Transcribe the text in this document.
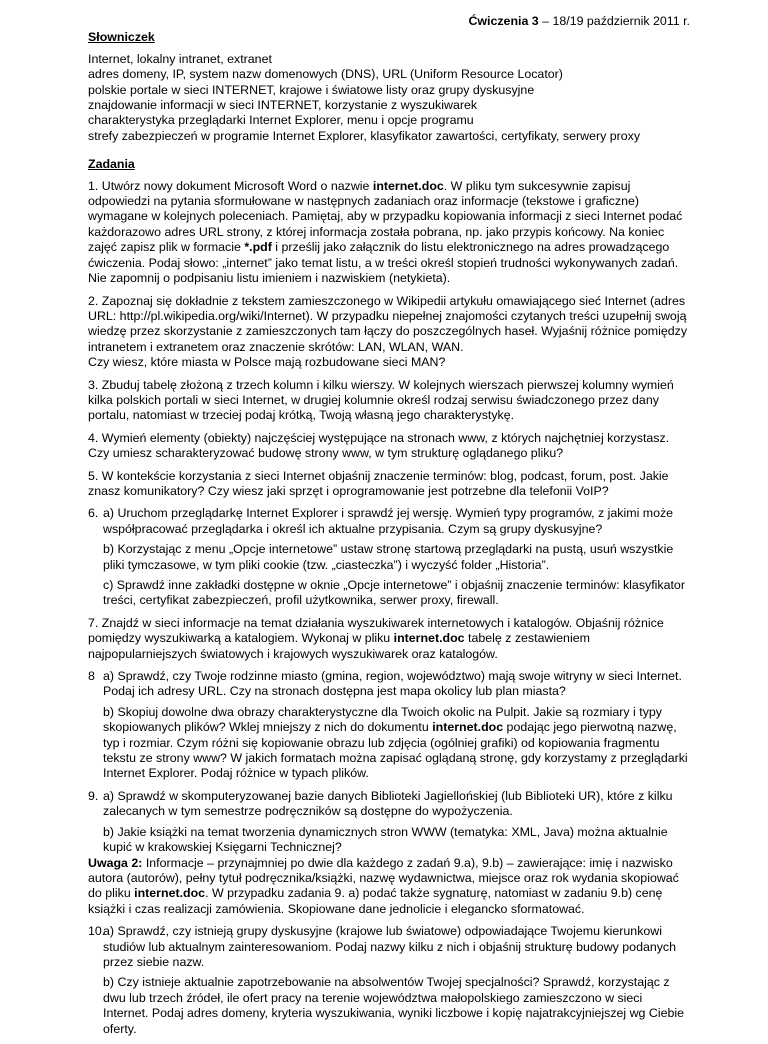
Ćwiczenia 3 – 18/19 październik 2011 r.
Słowniczek

Internet, lokalny intranet, extranet

adres domeny, IP, system nazw domenowych (DNS), URL (Uniform Resource Locator)

polskie portale w sieci INTERNET, krajowe i światowe listy oraz grupy dyskusyjne

znajdowanie informacji w sieci INTERNET, korzystanie z wyszukiwarek

charakterystyka przeglądarki Internet Explorer, menu i opcje programu

strefy zabezpieczeń w programie Internet Explorer, klasyfikator zawartości, certyfikaty, serwery proxy

Zadania

1. Utwórz nowy dokument Microsoft Word o nazwie internet.doc. W pliku tym sukcesywnie zapisuj odpowiedzi na pytania sformułowane w następnych zadaniach oraz informacje (tekstowe i graficzne) wymagane w kolejnych poleceniach. Pamiętaj, aby w przypadku kopiowania informacji z sieci Internet podać każdorazowo adres URL strony, z której informacja została pobrana, np. jako przypis końcowy. Na koniec zajęć zapisz plik w formacie *.pdf i prześlij jako załącznik do listu elektronicznego na adres prowadzącego ćwiczenia. Podaj słowo: „internet” jako temat listu, a w treści określ stopień trudności wykonywanych zadań. Nie zapomnij o podpisaniu listu imieniem i nazwiskiem (netykieta).

2. Zapoznaj się dokładnie z tekstem zamieszczonego w Wikipedii artykułu omawiającego sieć Internet (adres URL: http://pl.wikipedia.org/wiki/Internet). W przypadku niepełnej znajomości czytanych treści uzupełnij swoją wiedzę przez skorzystanie z zamieszczonych tam łączy do poszczególnych haseł. Wyjaśnij różnice pomiędzy intranetem i extranetem oraz znaczenie skrótów: LAN, WLAN, WAN.

Czy wiesz, które miasta w Polsce mają rozbudowane sieci MAN?

3. Zbuduj tabelę złożoną z trzech kolumn i kilku wierszy. W kolejnych wierszach pierwszej kolumny wymień kilka polskich portali w sieci Internet, w drugiej kolumnie określ rodzaj serwisu świadczonego przez dany portalu, natomiast w trzeciej podaj krótką, Twoją własną jego charakterystykę.

4. Wymień elementy (obiekty) najczęściej występujące na stronach www, z których najchętniej korzystasz. Czy umiesz scharakteryzować budowę strony www, w tym strukturę oglądanego pliku?

5. W kontekście korzystania z sieci Internet objaśnij znaczenie terminów: blog, podcast, forum, post. Jakie znasz komunikatory? Czy wiesz jaki sprzęt i oprogramowanie jest potrzebne dla telefonii VoIP?

6. a) Uruchom przeglądarkę Internet Explorer i sprawdź jej wersję. Wymień typy programów, z jakimi może współpracować przeglądarka i określ ich aktualne przypisania. Czym są grupy dyskusyjne?

b) Korzystając z menu „Opcje internetowe” ustaw stronę startową przeglądarki na pustą, usuń wszystkie pliki tymczasowe, w tym pliki cookie (tzw. „ciasteczka”) i wyczyść folder „Historia”.

c) Sprawdź inne zakładki dostępne w oknie „Opcje internetowe” i objaśnij znaczenie terminów: klasyfikator treści, certyfikat zabezpieczeń, profil użytkownika, serwer proxy, firewall.

7. Znajdź w sieci informacje na temat działania wyszukiwarek internetowych i katalogów. Objaśnij różnice pomiędzy wyszukiwarką a katalogiem. Wykonaj w pliku internet.doc tabelę z zestawieniem najpopularniejszych światowych i krajowych wyszukiwarek oraz katalogów.

8 a) Sprawdź, czy Twoje rodzinne miasto (gmina, region, województwo) mają swoje witryny w sieci Internet. Podaj ich adresy URL. Czy na stronach dostępna jest mapa okolicy lub plan miasta?

b) Skopiuj dowolne dwa obrazy charakterystyczne dla Twoich okolic na Pulpit. Jakie są rozmiary i typy skopiowanych plików? Wklej mniejszy z nich do dokumentu internet.doc podając jego pierwotną nazwę, typ i rozmiar. Czym różni się kopiowanie obrazu lub zdjęcia (ogólniej grafiki) od kopiowania fragmentu tekstu ze strony www? W jakich formatach można zapisać oglądaną stronę, gdy korzystamy z przeglądarki Internet Explorer. Podaj różnice w typach plików.

9. a) Sprawdź w skomputeryzowanej bazie danych Biblioteki Jagiellońskiej (lub Biblioteki UR), które z kilku zalecanych w tym semestrze podręczników są dostępne do wypożyczenia.

b) Jakie książki na temat tworzenia dynamicznych stron WWW (tematyka: XML, Java) można aktualnie kupić w krakowskiej Księgarni Technicznej?

Uwaga 2: Informacje – przynajmniej po dwie dla każdego z zadań 9.a), 9.b) – zawierające: imię i nazwisko autora (autorów), pełny tytuł podręcznika/książki, nazwę wydawnictwa, miejsce oraz rok wydania skopiować do pliku internet.doc. W przypadku zadania 9. a) podać także sygnaturę, natomiast w zadaniu 9.b) cenę książki i czas realizacji zamówienia. Skopiowane dane jednolicie i elegancko sformatować.

10.

a) Sprawdź, czy istnieją grupy dyskusyjne (krajowe lub światowe) odpowiadające Twojemu kierunkowi studiów lub aktualnym zainteresowaniom. Podaj nazwy kilku z nich i objaśnij strukturę budowy podanych przez siebie nazw.

b) Czy istnieje aktualnie zapotrzebowanie na absolwentów Twojej specjalności? Sprawdź, korzystając z dwu lub trzech źródeł, ile ofert pracy na terenie województwa małopolskiego zamieszczono w sieci Internet. Podaj adres domeny, kryteria wyszukiwania, wyniki liczbowe i kopię najatrakcyjniejszej wg Ciebie oferty.
